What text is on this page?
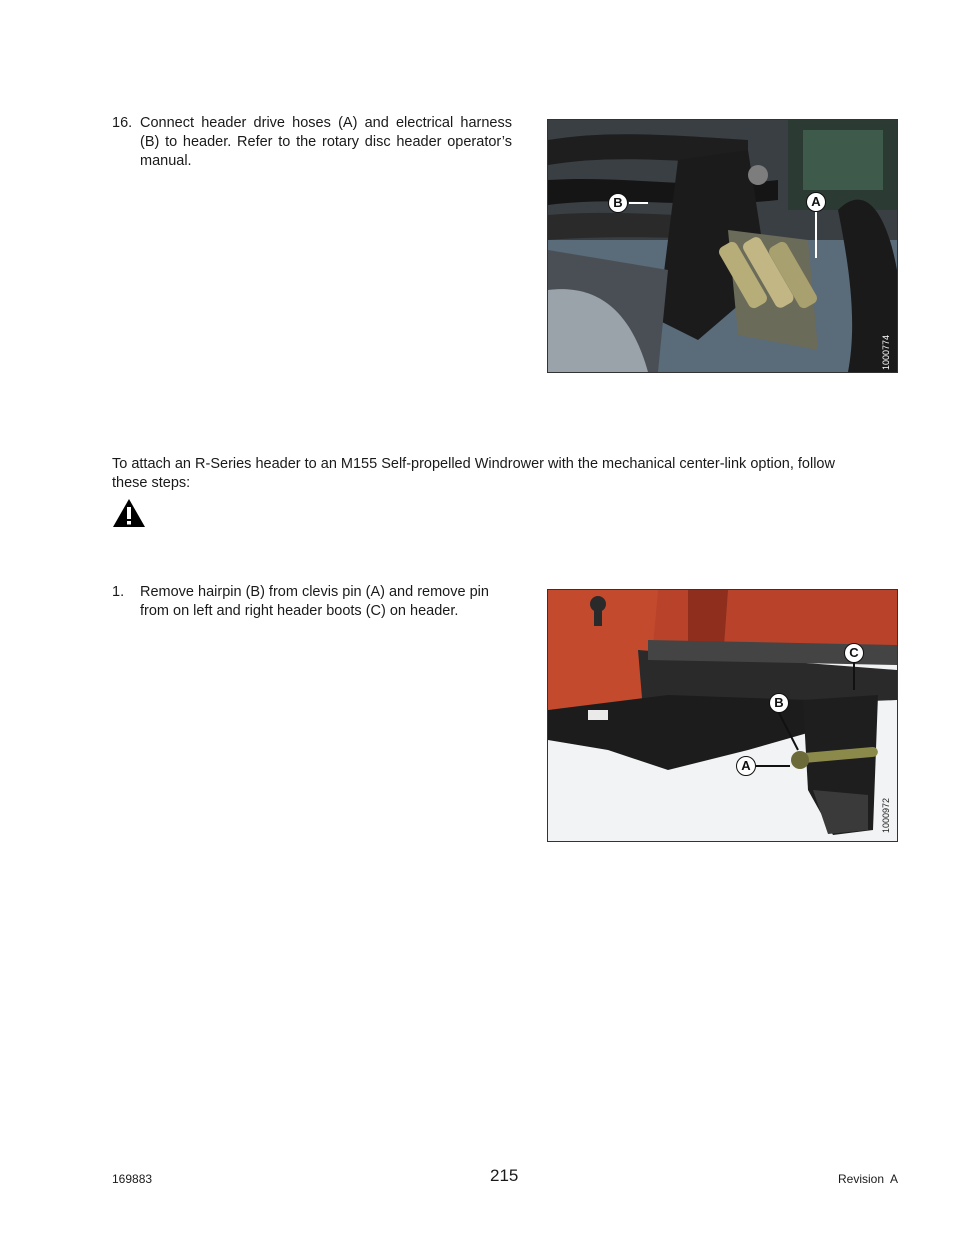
16. Connect header drive hoses (A) and electrical harness (B) to header. Refer to the rotary disc header operator’s manual.
B	A
1000774
To attach an R-Series header to an M155 Self-propelled Windrower with the mechanical center-link option, follow these steps:
1. Remove hairpin (B) from clevis pin (A) and remove pin from on left and right header boots (C) on header.
C
B
A
1000972
169883	215	Revision  A
